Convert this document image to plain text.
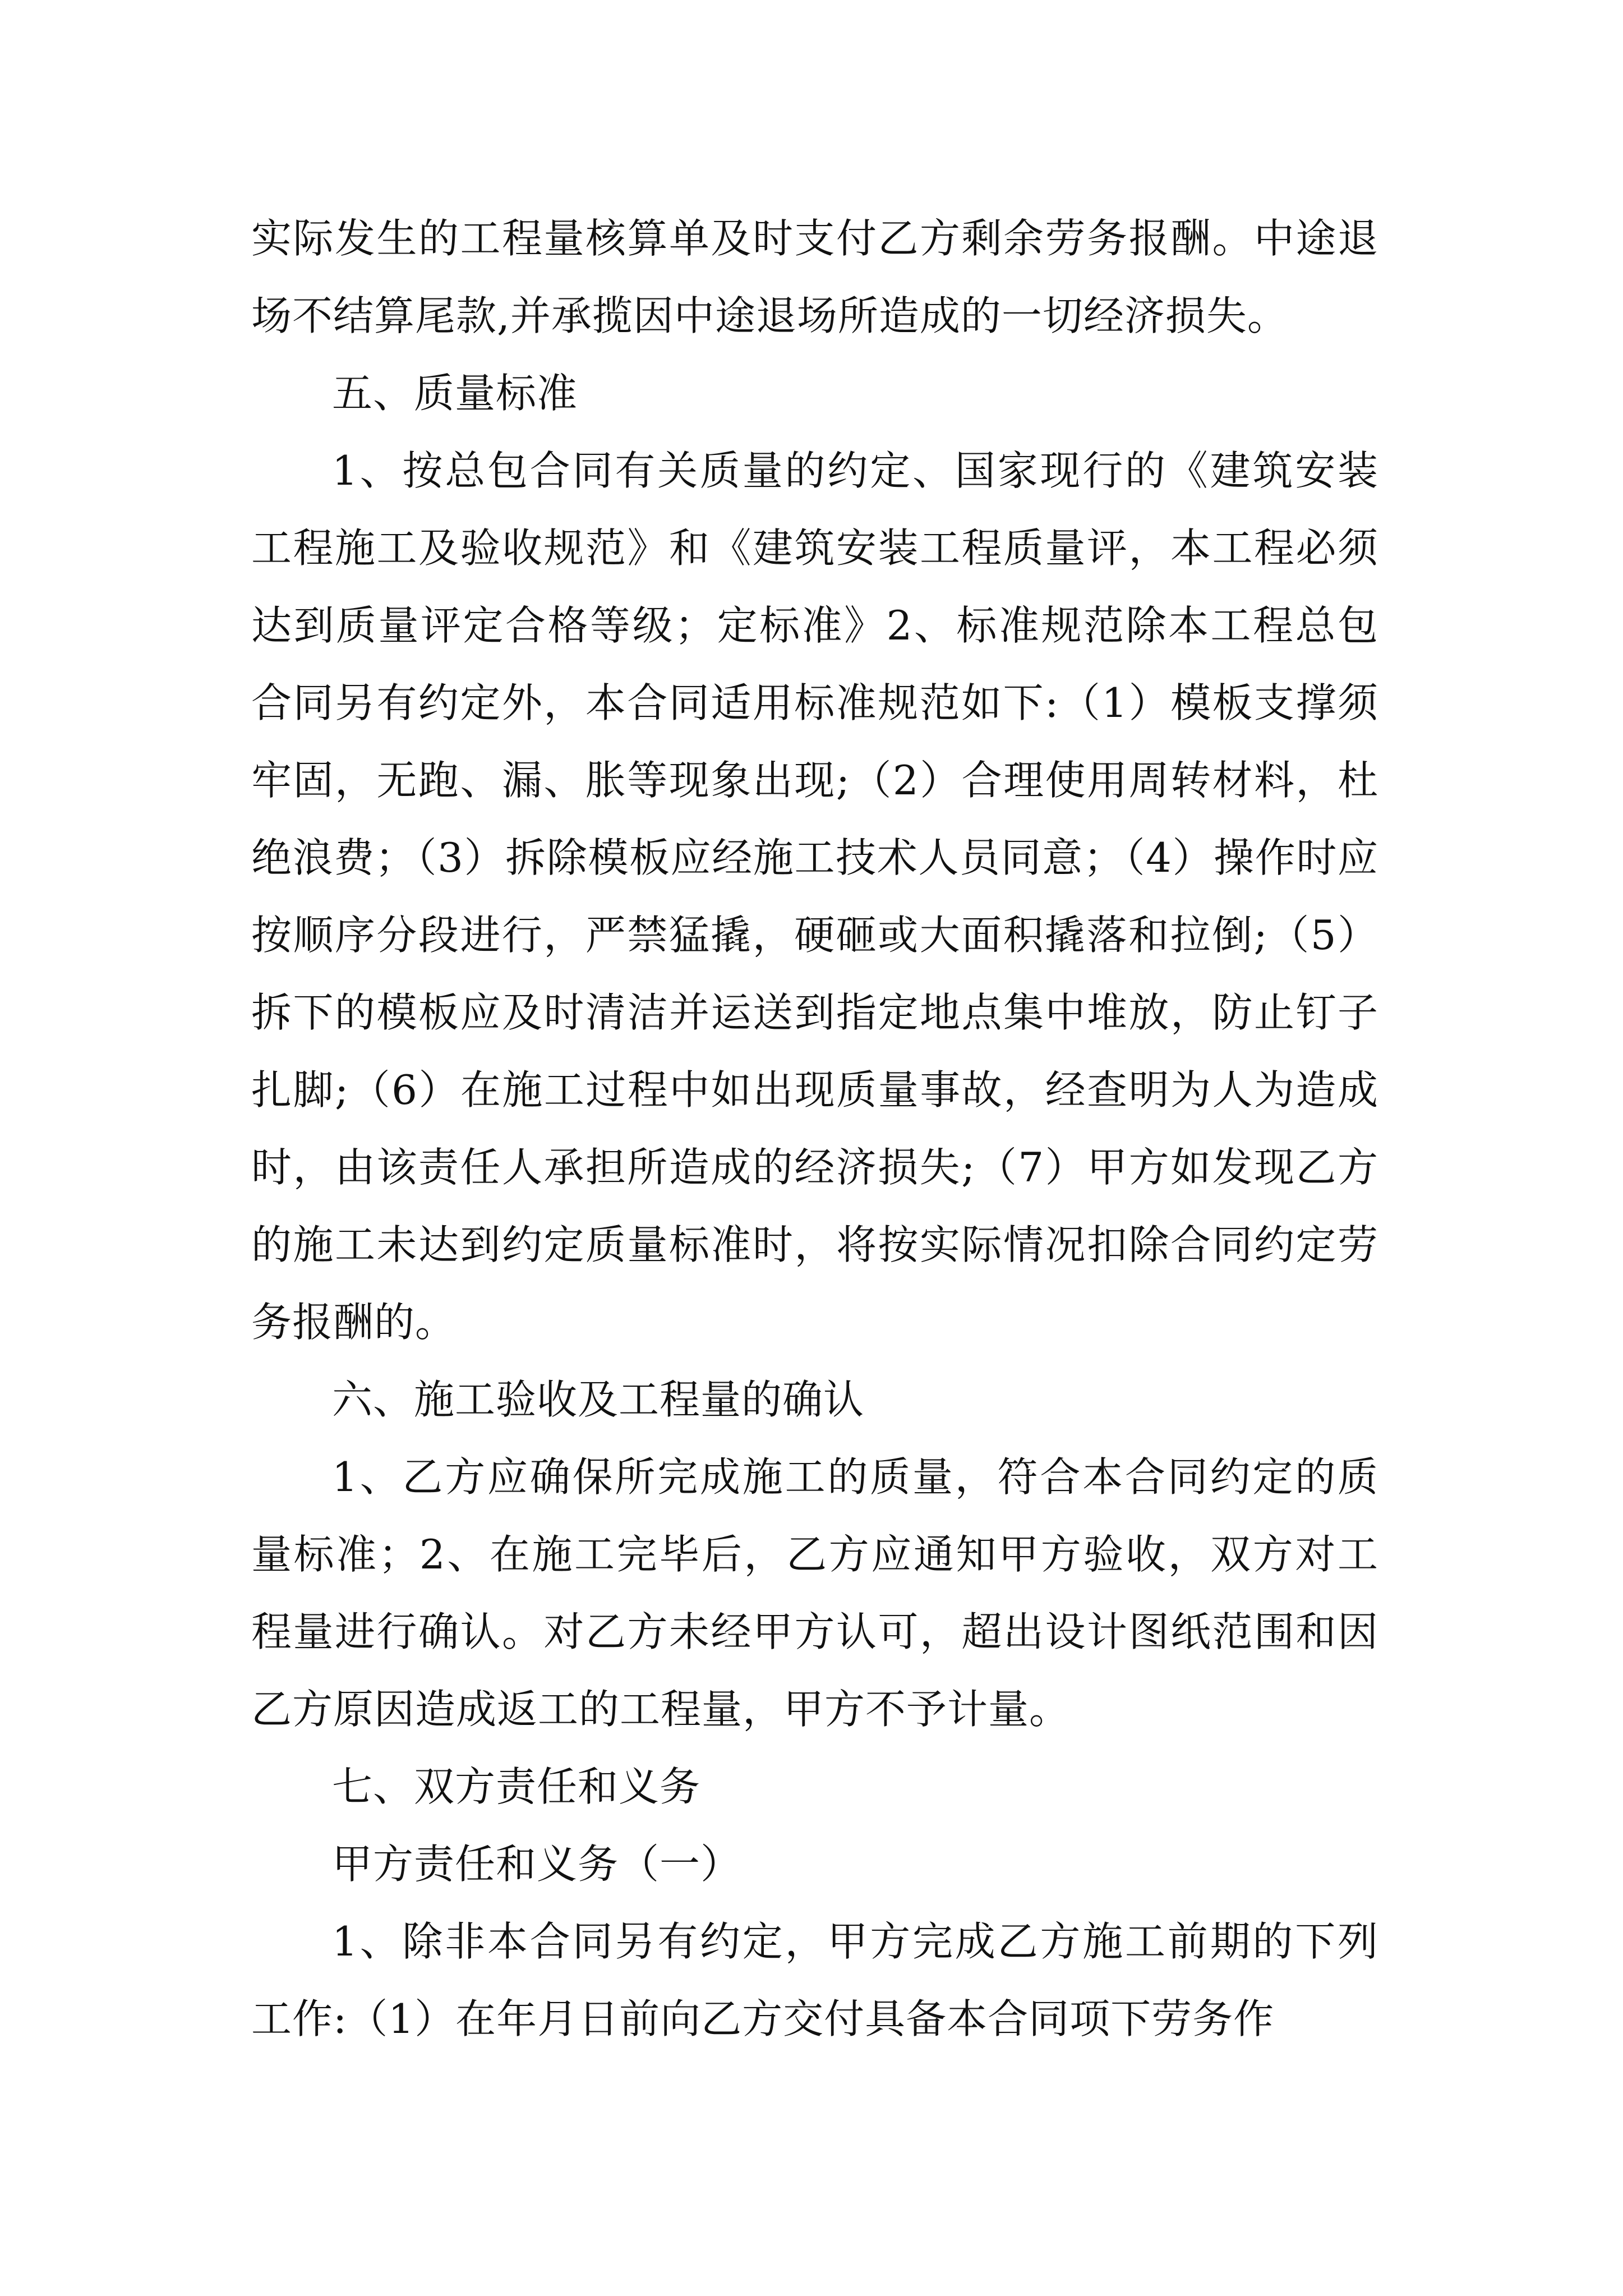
实际发生的工程量核算单及时支付乙方剩余劳务报酬。中途退场不结算尾款,并承揽因中途退场所造成的一切经济损失。

五、质量标准

1、按总包合同有关质量的约定、国家现行的《建筑安装工程施工及验收规范》和《建筑安装工程质量评，本工程必须达到质量评定合格等级；定标准》2、标准规范除本工程总包合同另有约定外，本合同适用标准规范如下:（1）模板支撑须牢固，无跑、漏、胀等现象出现;（2）合理使用周转材料，杜绝浪费；（3）拆除模板应经施工技术人员同意；（4）操作时应按顺序分段进行，严禁猛撬，硬砸或大面积撬落和拉倒;（5）拆下的模板应及时清洁并运送到指定地点集中堆放，防止钉子扎脚;（6）在施工过程中如出现质量事故，经查明为人为造成时，由该责任人承担所造成的经济损失;（7）甲方如发现乙方的施工未达到约定质量标准时，将按实际情况扣除合同约定劳务报酬的。

六、施工验收及工程量的确认

1、乙方应确保所完成施工的质量，符合本合同约定的质量标准；2、在施工完毕后，乙方应通知甲方验收，双方对工程量进行确认。对乙方未经甲方认可，超出设计图纸范围和因乙方原因造成返工的工程量，甲方不予计量。

七、双方责任和义务

甲方责任和义务（一）

1、除非本合同另有约定，甲方完成乙方施工前期的下列工作:（1）在年月日前向乙方交付具备本合同项下劳务作
